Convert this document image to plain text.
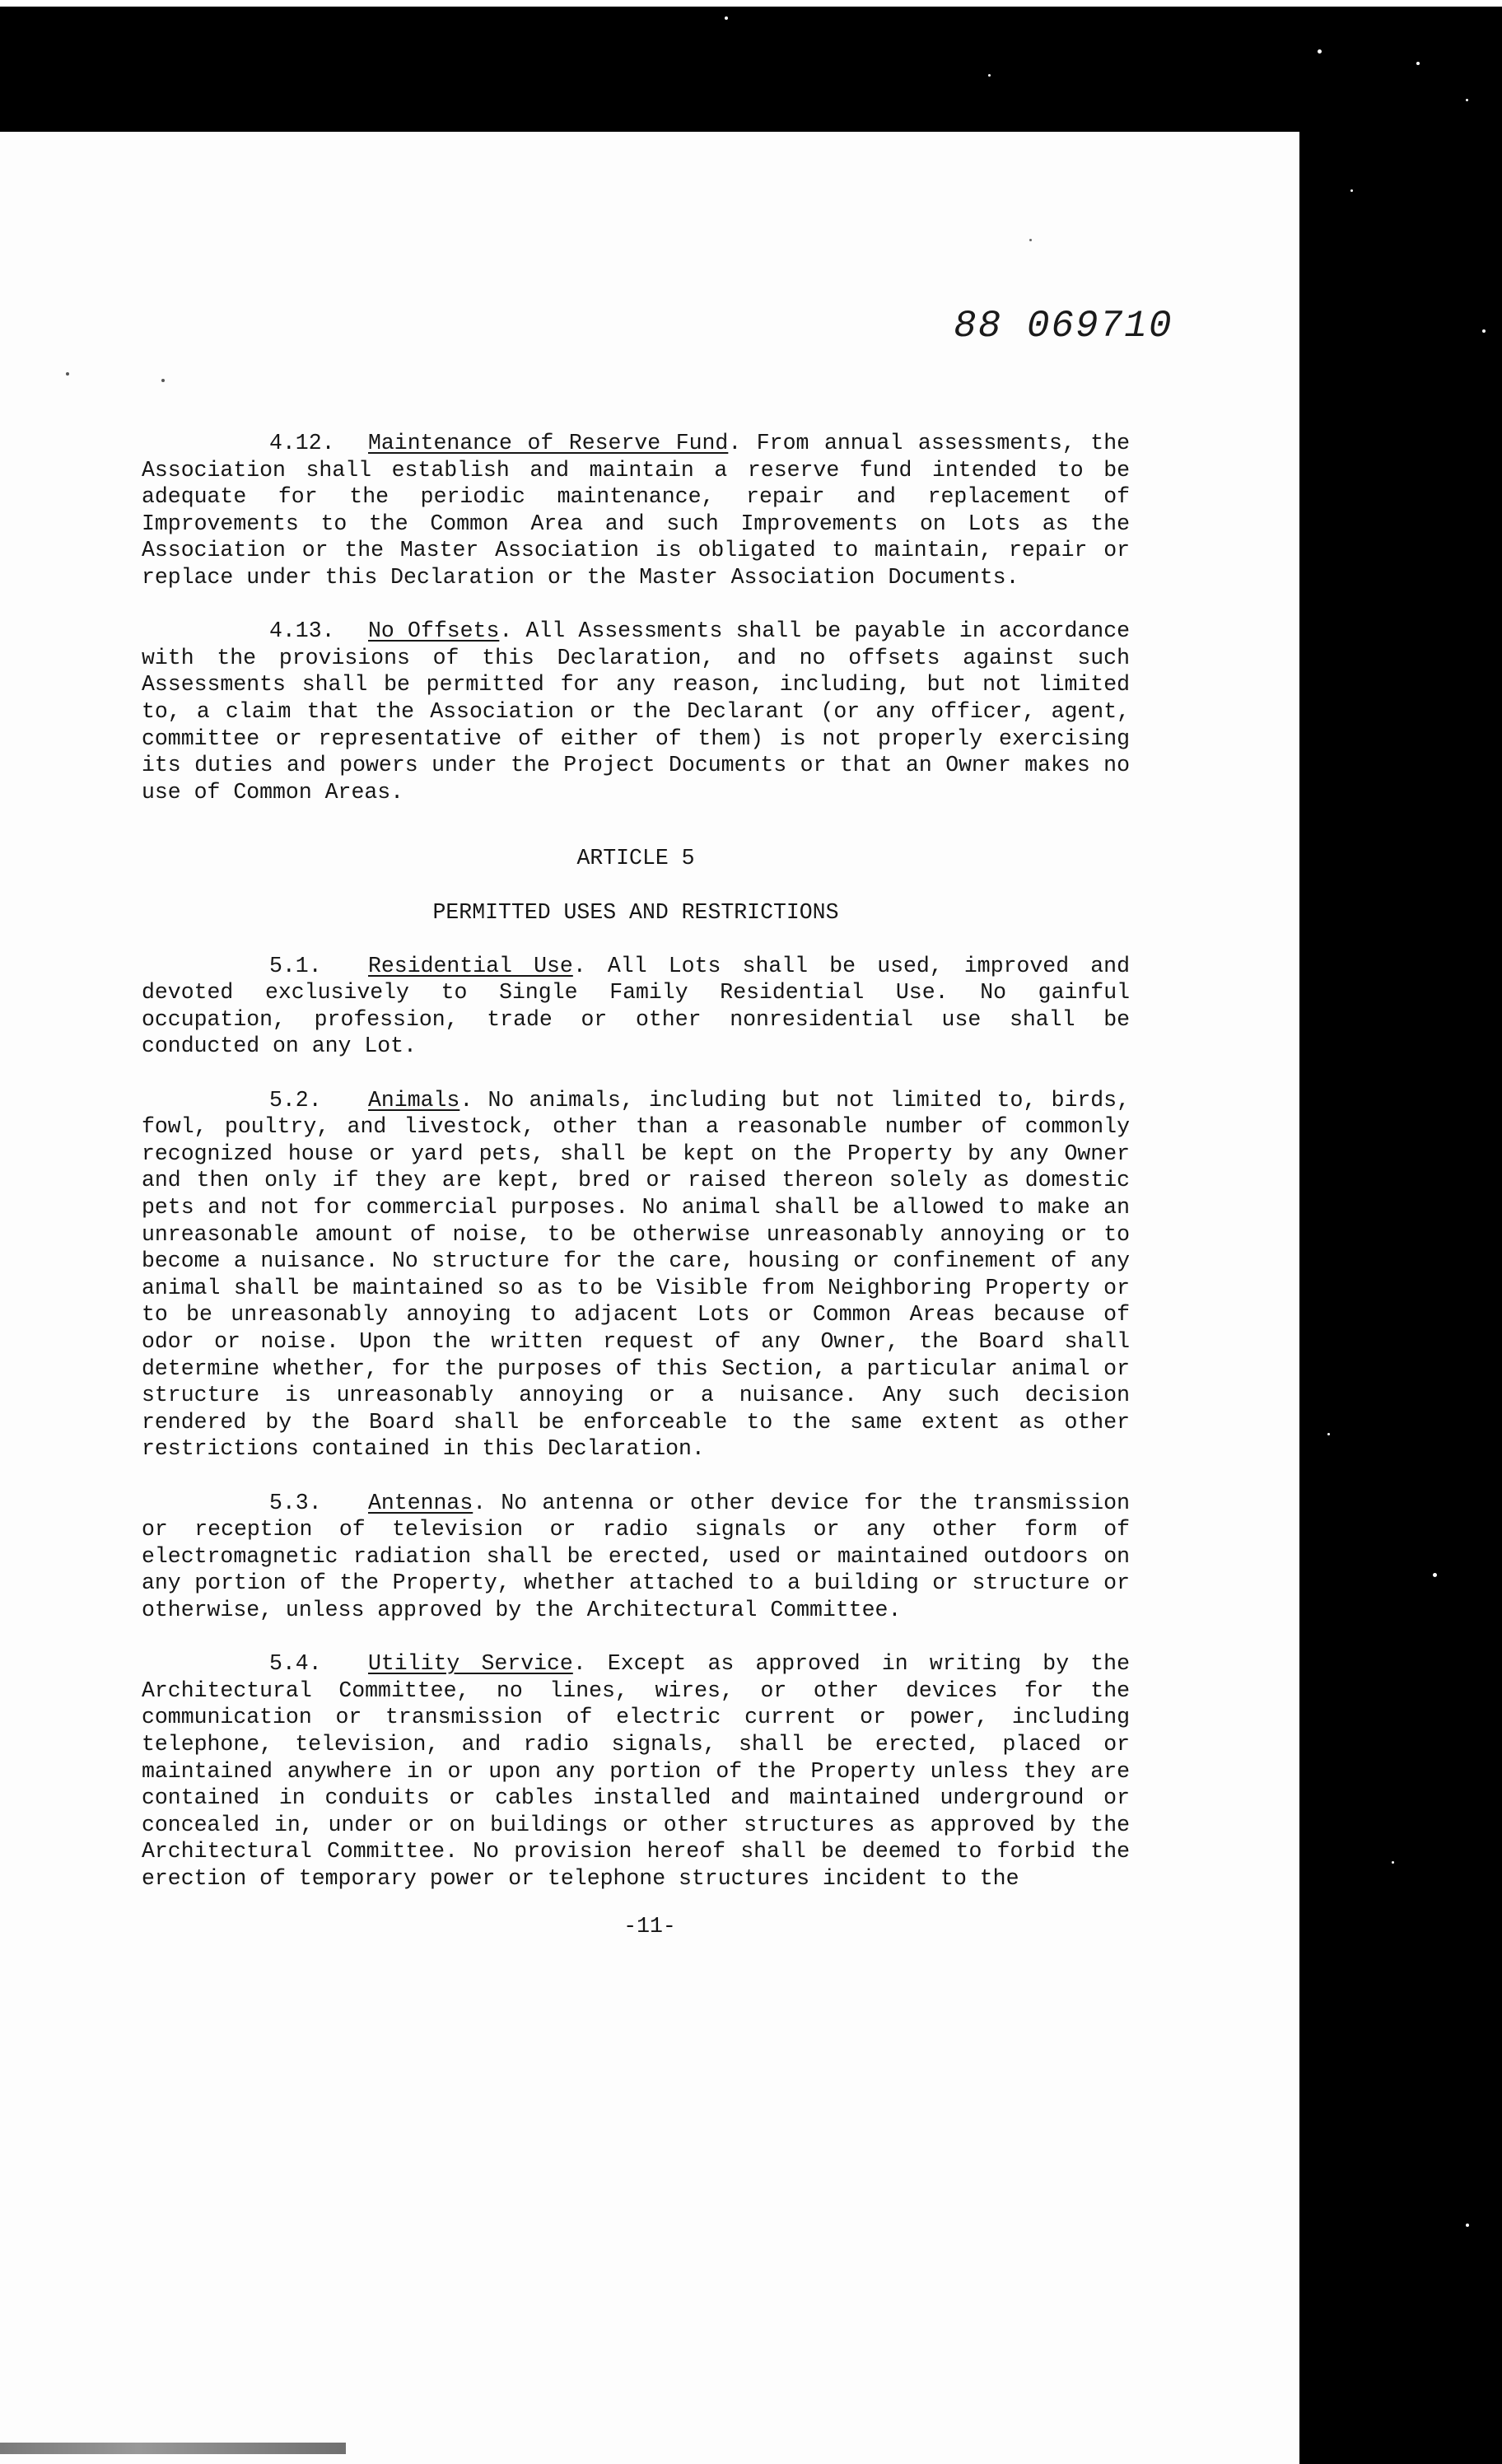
88 069710

4.12. Maintenance of Reserve Fund. From annual assessments, the Association shall establish and maintain a reserve fund intended to be adequate for the periodic maintenance, repair and replacement of Improvements to the Common Area and such Improvements on Lots as the Association or the Master Association is obligated to maintain, repair or replace under this Declaration or the Master Association Documents.

4.13. No Offsets. All Assessments shall be payable in accordance with the provisions of this Declaration, and no offsets against such Assessments shall be permitted for any reason, including, but not limited to, a claim that the Association or the Declarant (or any officer, agent, committee or representative of either of them) is not properly exercising its duties and powers under the Project Documents or that an Owner makes no use of Common Areas.

ARTICLE 5

PERMITTED USES AND RESTRICTIONS

5.1. Residential Use. All Lots shall be used, improved and devoted exclusively to Single Family Residential Use. No gainful occupation, profession, trade or other nonresidential use shall be conducted on any Lot.

5.2. Animals. No animals, including but not limited to, birds, fowl, poultry, and livestock, other than a reasonable number of commonly recognized house or yard pets, shall be kept on the Property by any Owner and then only if they are kept, bred or raised thereon solely as domestic pets and not for commercial purposes. No animal shall be allowed to make an unreasonable amount of noise, to be otherwise unreasonably annoying or to become a nuisance. No structure for the care, housing or confinement of any animal shall be maintained so as to be Visible from Neighboring Property or to be unreasonably annoying to adjacent Lots or Common Areas because of odor or noise. Upon the written request of any Owner, the Board shall determine whether, for the purposes of this Section, a particular animal or structure is unreasonably annoying or a nuisance. Any such decision rendered by the Board shall be enforceable to the same extent as other restrictions contained in this Declaration.

5.3. Antennas. No antenna or other device for the transmission or reception of television or radio signals or any other form of electromagnetic radiation shall be erected, used or maintained outdoors on any portion of the Property, whether attached to a building or structure or otherwise, unless approved by the Architectural Committee.

5.4. Utility Service. Except as approved in writing by the Architectural Committee, no lines, wires, or other devices for the communication or transmission of electric current or power, including telephone, television, and radio signals, shall be erected, placed or maintained anywhere in or upon any portion of the Property unless they are contained in conduits or cables installed and maintained underground or concealed in, under or on buildings or other structures as approved by the Architectural Committee. No provision hereof shall be deemed to forbid the erection of temporary power or telephone structures incident to the

-11-
